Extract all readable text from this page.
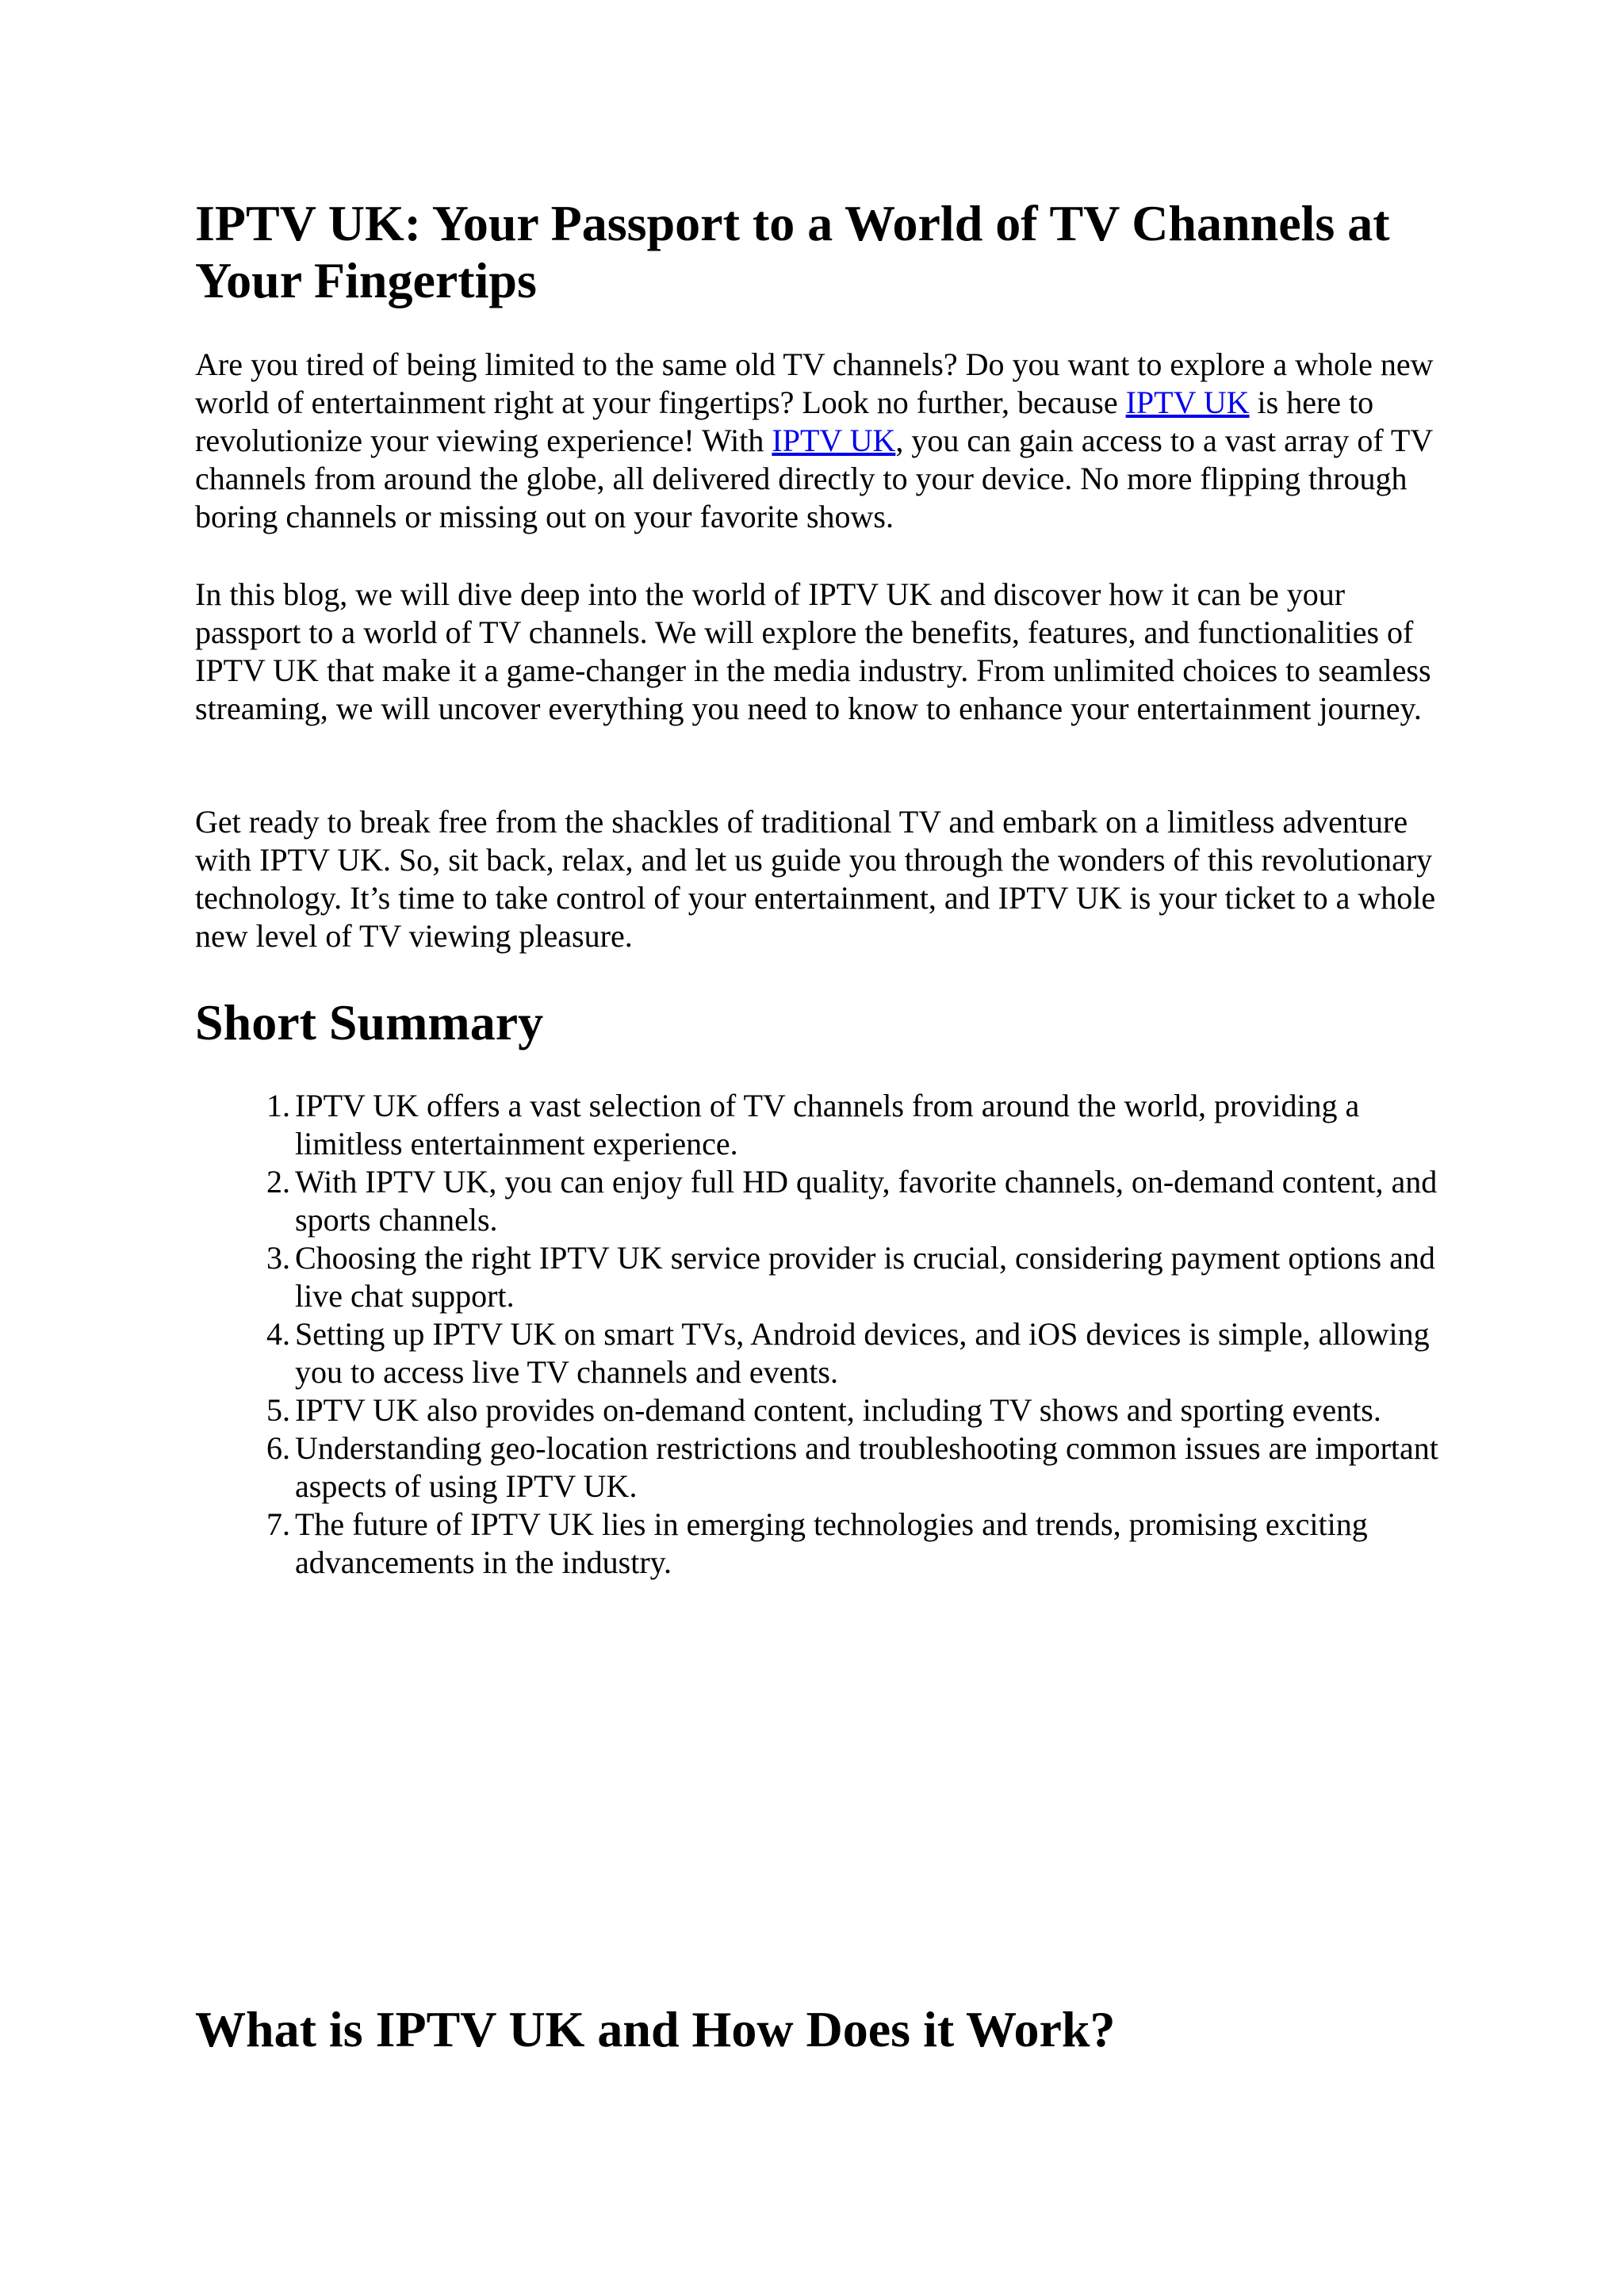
IPTV UK: Your Passport to a World of TV Channels at Your Fingertips

Are you tired of being limited to the same old TV channels? Do you want to explore a whole new world of entertainment right at your fingertips? Look no further, because IPTV UK is here to revolutionize your viewing experience! With IPTV UK, you can gain access to a vast array of TV channels from around the globe, all delivered directly to your device. No more flipping through boring channels or missing out on your favorite shows.

In this blog, we will dive deep into the world of IPTV UK and discover how it can be your passport to a world of TV channels. We will explore the benefits, features, and functionalities of IPTV UK that make it a game-changer in the media industry. From unlimited choices to seamless streaming, we will uncover everything you need to know to enhance your entertainment journey.

Get ready to break free from the shackles of traditional TV and embark on a limitless adventure with IPTV UK. So, sit back, relax, and let us guide you through the wonders of this revolutionary technology. It’s time to take control of your entertainment, and IPTV UK is your ticket to a whole new level of TV viewing pleasure.

Short Summary
1. IPTV UK offers a vast selection of TV channels from around the world, providing a limitless entertainment experience.
2. With IPTV UK, you can enjoy full HD quality, favorite channels, on-demand content, and sports channels.
3. Choosing the right IPTV UK service provider is crucial, considering payment options and live chat support.
4. Setting up IPTV UK on smart TVs, Android devices, and iOS devices is simple, allowing you to access live TV channels and events.
5. IPTV UK also provides on-demand content, including TV shows and sporting events.
6. Understanding geo-location restrictions and troubleshooting common issues are important aspects of using IPTV UK.
7. The future of IPTV UK lies in emerging technologies and trends, promising exciting advancements in the industry.
What is IPTV UK and How Does it Work?
